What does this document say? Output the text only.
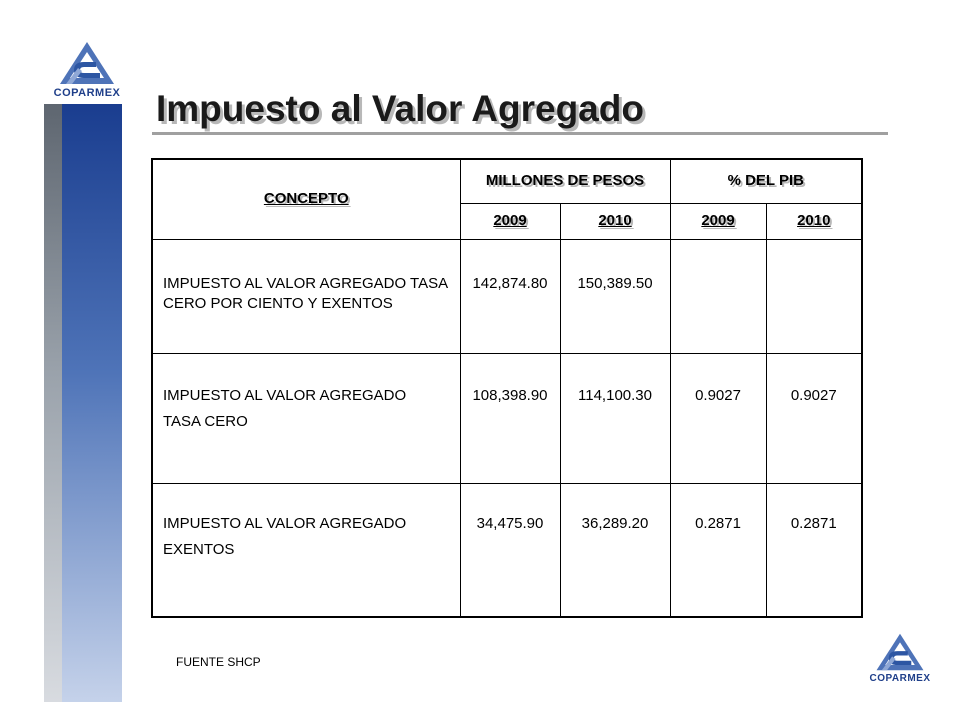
COPARMEX Impuesto al Valor Agregado
CONCEPTO	MILLONES DE PESOS		% DEL PIB	
	2009	2010	2009	2010

IMPUESTO AL VALOR AGREGADO TASA CERO POR CIENTO Y EXENTOS	142,874.80	150,389.50		

IMPUESTO AL VALOR AGREGADO
TASA CERO	108,398.90	114,100.30	0.9027	0.9027

IMPUESTO AL VALOR AGREGADO
EXENTOS	34,475.90	36,289.20	0.2871	0.2871
FUENTE SHCP
COPARMEX
